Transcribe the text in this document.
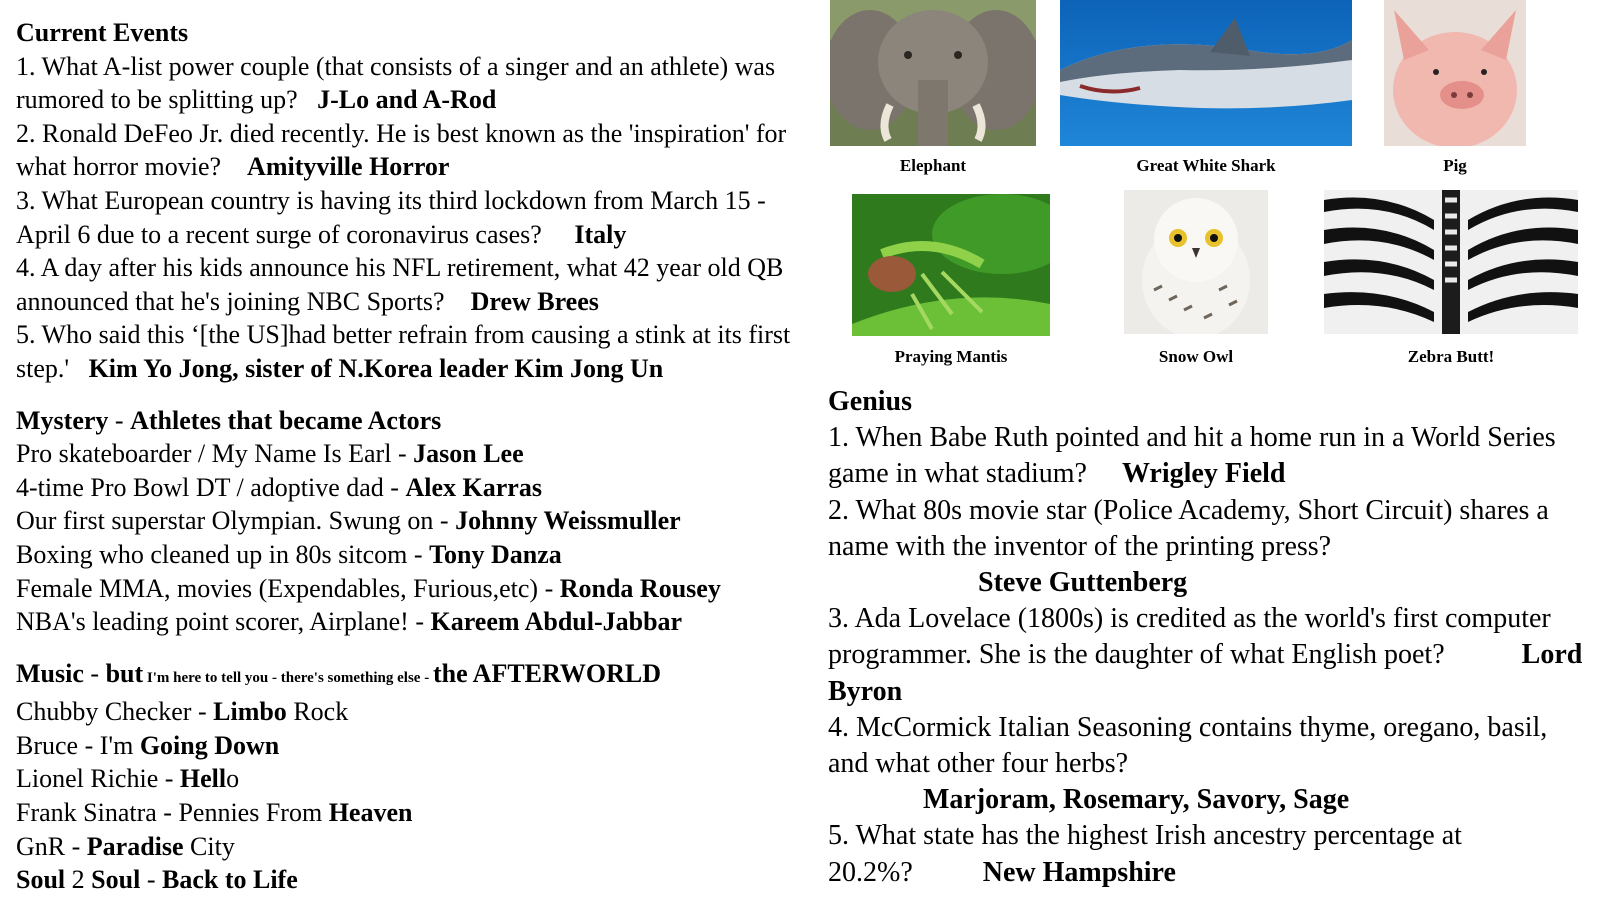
Current Events

1. What A-list power couple (that consists of a singer and an athlete) was rumored to be splitting up? J-Lo and A-Rod

2. Ronald DeFeo Jr. died recently. He is best known as the 'inspiration' for what horror movie? Amityville Horror

3. What European country is having its third lockdown from March 15 - April 6 due to a recent surge of coronavirus cases? Italy

4. A day after his kids announce his NFL retirement, what 42 year old QB announced that he's joining NBC Sports? Drew Brees

5. Who said this ‘[the US]had better refrain from causing a stink at its first step.' Kim Yo Jong, sister of N.Korea leader Kim Jong Un

Mystery - Athletes that became Actors

Pro skateboarder / My Name Is Earl - Jason Lee

4-time Pro Bowl DT / adoptive dad - Alex Karras

Our first superstar Olympian. Swung on - Johnny Weissmuller

Boxing who cleaned up in 80s sitcom - Tony Danza

Female MMA, movies (Expendables, Furious,etc) - Ronda Rousey

NBA's leading point scorer, Airplane! - Kareem Abdul-Jabbar

Music - but I'm here to tell you - there's something else - the AFTERWORLD

Chubby Checker - Limbo Rock

Bruce - I'm Going Down

Lionel Richie - Hello

Frank Sinatra - Pennies From Heaven

GnR - Paradise City

Soul 2 Soul - Back to Life

Elephant	Great White Shark	Pig
Praying Mantis	Snow Owl	Zebra Butt!

Genius

1. When Babe Ruth pointed and hit a home run in a World Series game in what stadium? Wrigley Field

2. What 80s movie star (Police Academy, Short Circuit) shares a name with the inventor of the printing press?

Steve Guttenberg

3. Ada Lovelace (1800s) is credited as the world's first computer programmer. She is the daughter of what English poet?	Lord Byron

4. McCormick Italian Seasoning contains thyme, oregano, basil, and what other four herbs?

Marjoram, Rosemary, Savory, Sage

5. What state has the highest Irish ancestry percentage at 20.2%?	New Hampshire
